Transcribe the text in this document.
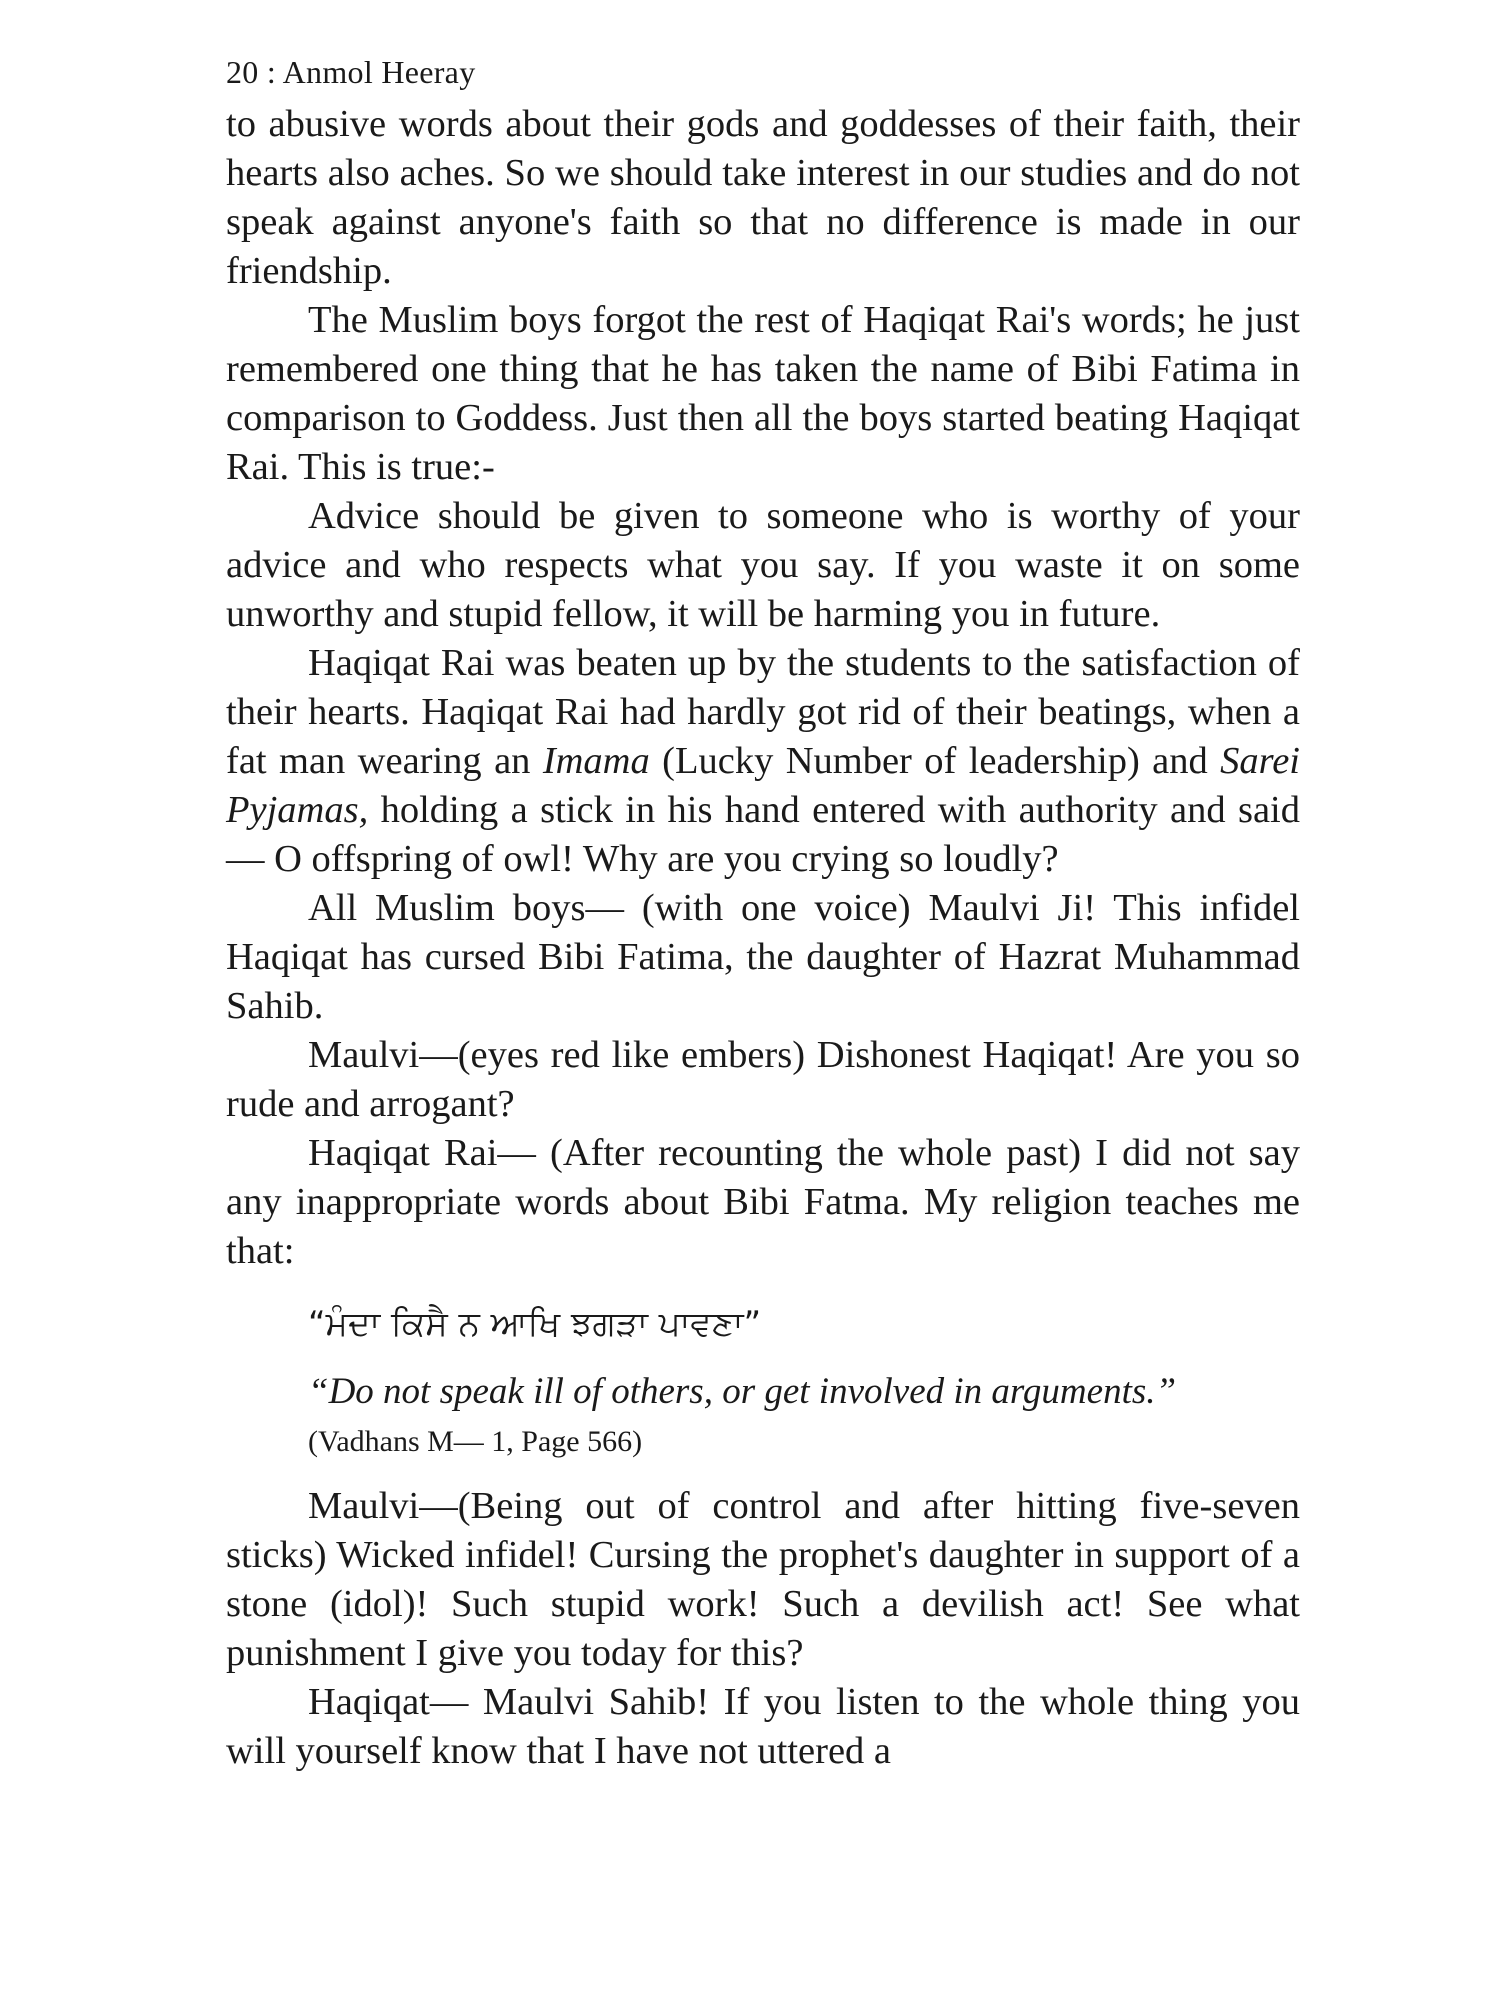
20 : Anmol Heeray

to abusive words about their gods and goddesses of their faith, their hearts also aches. So we should take interest in our studies and do not speak against anyone's faith so that no difference is made in our friendship.

The Muslim boys forgot the rest of Haqiqat Rai's words; he just remembered one thing that he has taken the name of Bibi Fatima in comparison to Goddess. Just then all the boys started beating Haqiqat Rai. This is true:-

Advice should be given to someone who is worthy of your advice and who respects what you say. If you waste it on some unworthy and stupid fellow, it will be harming you in future.

Haqiqat Rai was beaten up by the students to the satisfaction of their hearts. Haqiqat Rai had hardly got rid of their beatings, when a fat man wearing an Imama (Lucky Number of leadership) and Sarei Pyjamas, holding a stick in his hand entered with authority and said— O offspring of owl! Why are you crying so loudly?

All Muslim boys— (with one voice) Maulvi Ji! This infidel Haqiqat has cursed Bibi Fatima, the daughter of Hazrat Muhammad Sahib.

Maulvi—(eyes red like embers) Dishonest Haqiqat! Are you so rude and arrogant?

Haqiqat Rai— (After recounting the whole past) I did not say any inappropriate words about Bibi Fatma. My religion teaches me that:

“ਮੰਦਾ ਕਿਸੈ ਨ ਆਖਿ ਝਗੜਾ ਪਾਵਣਾ”
“Do not speak ill of others, or get involved in arguments.”
(Vadhans M— 1, Page 566)

Maulvi—(Being out of control and after hitting five-seven sticks) Wicked infidel! Cursing the prophet's daughter in support of a stone (idol)! Such stupid work! Such a devilish act! See what punishment I give you today for this?

Haqiqat— Maulvi Sahib! If you listen to the whole thing you will yourself know that I have not uttered a
